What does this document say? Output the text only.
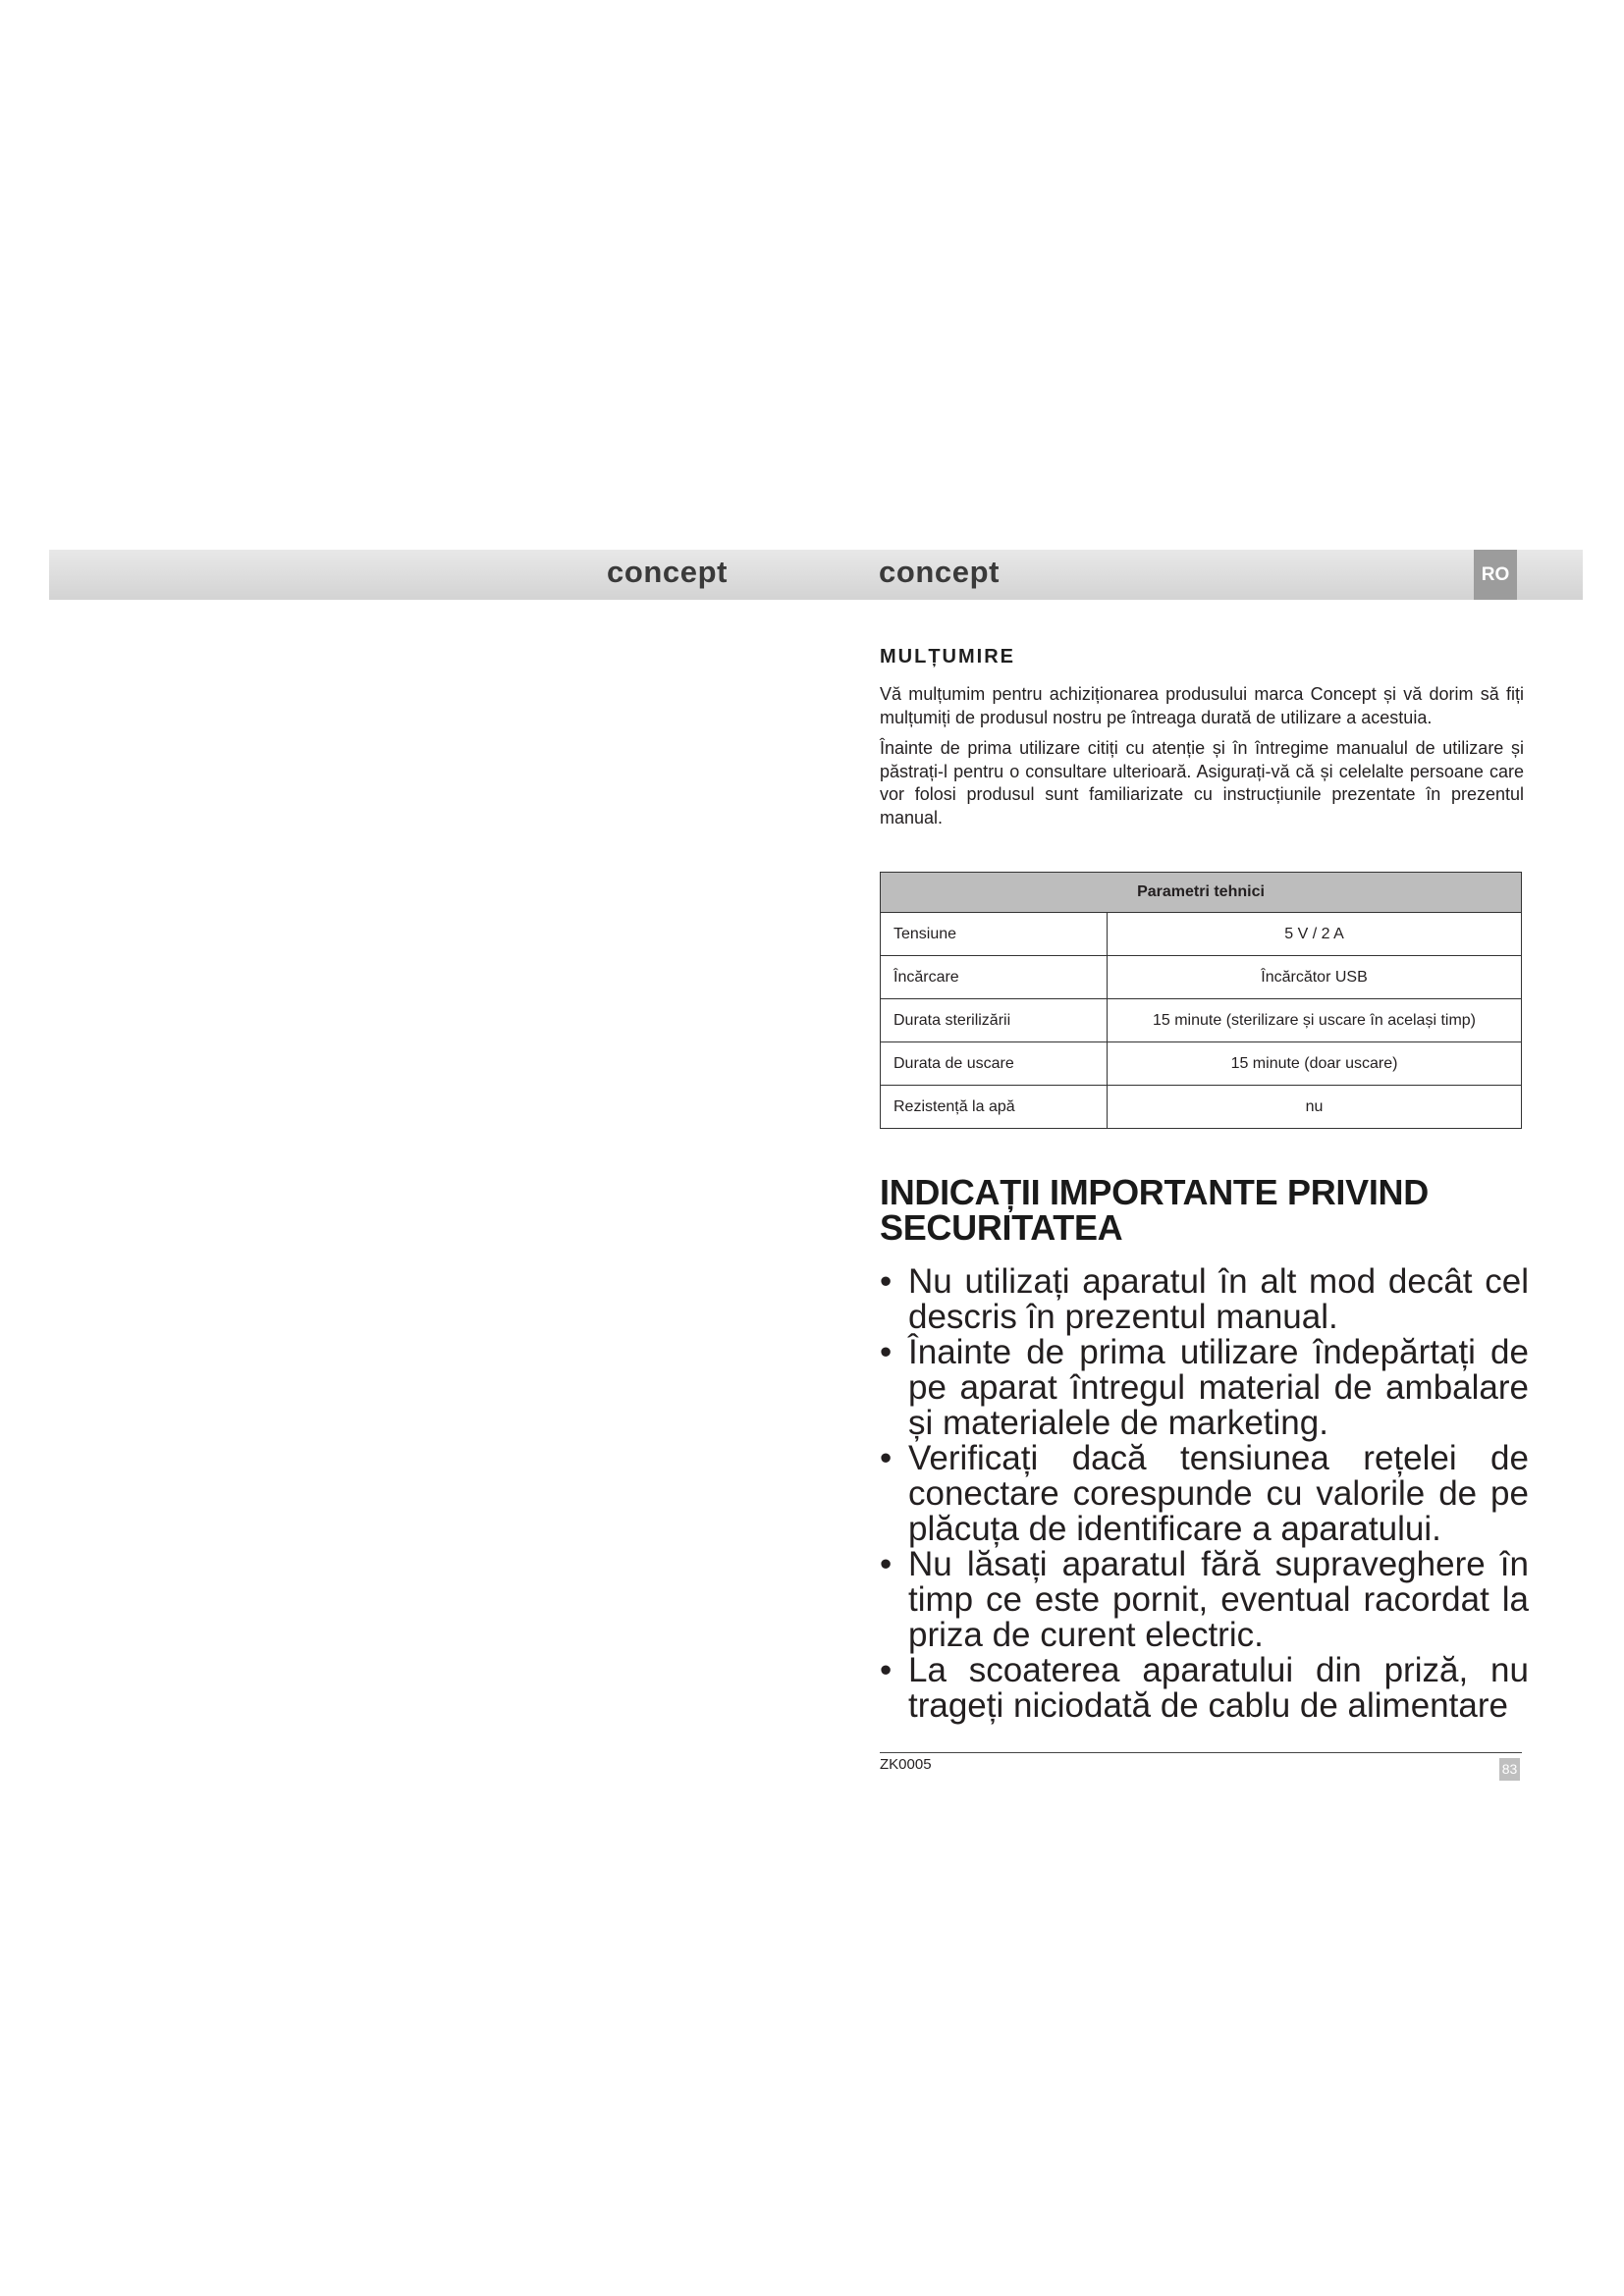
concept	concept	RO
MULȚUMIRE

Vă mulțumim pentru achiziționarea produsului marca Concept și vă dorim să fiți mulțumiți de produsul nostru pe întreaga durată de utilizare a acestuia.

Înainte de prima utilizare citiți cu atenție și în întregime manualul de utilizare și păstrați-l pentru o consultare ulterioară. Asigurați-vă că și celelalte persoane care vor folosi produsul sunt familiarizate cu instrucțiunile prezentate în prezentul manual.

Parametri tehnici	
Tensiune	5 V / 2 A
Încărcare	Încărcător USB
Durata sterilizării	15 minute (sterilizare și uscare în același timp)
Durata de uscare	15 minute (doar uscare)
Rezistență la apă	nu
INDICAȚII IMPORTANTE PRIVIND SECURITATEA
• Nu utilizați aparatul în alt mod decât cel descris în prezentul manual.
• Înainte de prima utilizare îndepărtați de pe aparat întregul material de ambalare și materialele de marketing.
• Verificați dacă tensiunea rețelei de conectare corespunde cu valorile de pe plăcuța de identificare a aparatului.
• Nu lăsați aparatul fără supraveghere în timp ce este pornit, eventual racordat la priza de curent electric.
• La scoaterea aparatului din priză, nu trageți niciodată de cablu de alimentare
ZK0005	83
